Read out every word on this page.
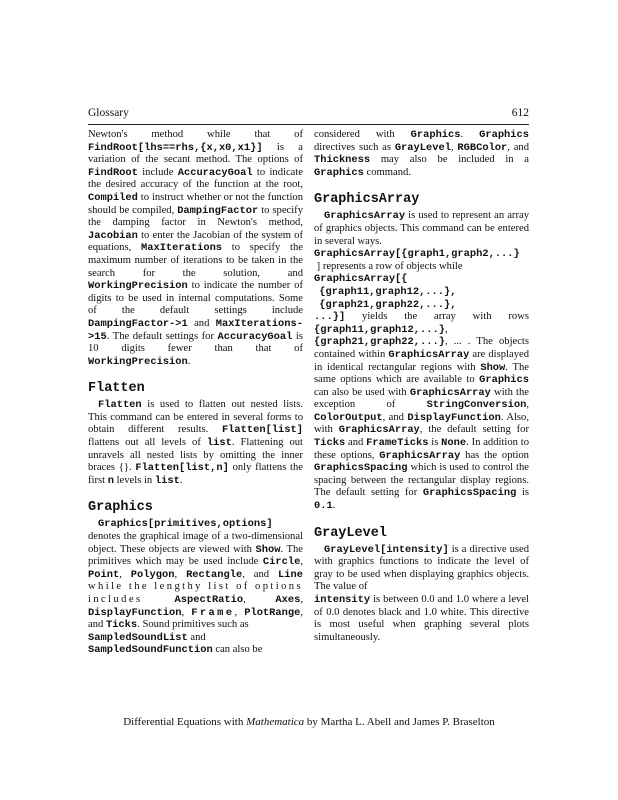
Glossary	612

Newton's method while that of FindRoot[lhs==rhs,{x,x0,x1}] is a variation of the secant method. The options of FindRoot include AccuracyGoal to indicate the desired accuracy of the function at the root, Compiled to instruct whether or not the function should be compiled, DampingFactor to specify the damping factor in Newton's method, Jacobian to enter the Jacobian of the system of equations, MaxIterations to specify the maximum number of iterations to be taken in the search for the solution, and WorkingPrecision to indicate the number of digits to be used in internal computations. Some of the default settings include DampingFactor->1 and MaxIterations->15. The default settings for AccuracyGoal is 10 digits fewer than that of WorkingPrecision.

Flatten

Flatten is used to flatten out nested lists. This command can be entered in several forms to obtain different results. Flatten[list] flattens out all levels of list. Flattening out unravels all nested lists by omitting the inner braces {}. Flatten[list,n] only flattens the first n levels in list.

Graphics

Graphics[primitives,options] denotes the graphical image of a two-dimensional object. These objects are viewed with Show. The primitives which may be used include Circle, Point, Polygon, Rectangle, and Line while the lengthy list of options includes AspectRatio, Axes, DisplayFunction, Frame, PlotRange, and Ticks. Sound primitives such as
SampledSoundList and
SampledSoundFunction can also be

considered with Graphics. Graphics directives such as GrayLevel, RGBColor, and Thickness may also be included in a Graphics command.

GraphicsArray

GraphicsArray is used to represent an array of graphics objects. This command can be entered in several ways.

GraphicsArray[{graph1,graph2,...}
] represents a row of objects while

GraphicsArray[{
{graph11,graph12,...},
{graph21,graph22,...},
...}] yields the array with rows {graph11,graph12,...}, {graph21,graph22,...}, ... . The objects contained within GraphicsArray are displayed in identical rectangular regions with Show. The same options which are available to Graphics can also be used with GraphicsArray with the exception of StringConversion, ColorOutput, and DisplayFunction. Also, with GraphicsArray, the default setting for Ticks and FrameTicks is None. In addition to these options, GraphicsArray has the option GraphicsSpacing which is used to control the spacing between the rectangular display regions. The default setting for GraphicsSpacing is 0.1.

GrayLevel

GrayLevel[intensity] is a directive used with graphics functions to indicate the level of gray to be used when displaying graphics objects. The value of
intensity is between 0.0 and 1.0 where a level of 0.0 denotes black and 1.0 white. This directive is most useful when graphing several plots simultaneously.

Differential Equations with Mathematica by Martha L. Abell and James P. Braselton
